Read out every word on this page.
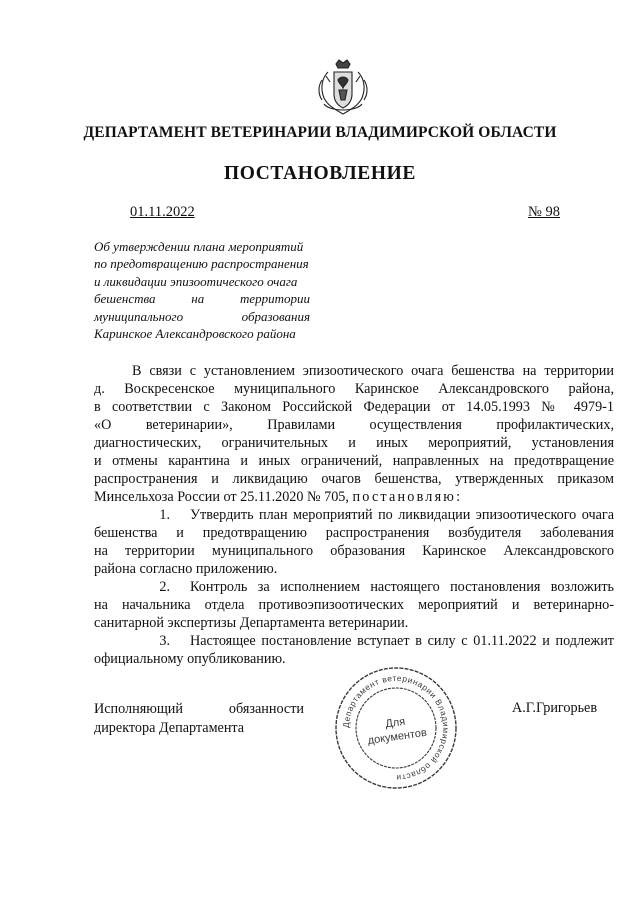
ДЕПАРТАМЕНТ ВЕТЕРИНАРИИ ВЛАДИМИРСКОЙ ОБЛАСТИ
ПОСТАНОВЛЕНИЕ
01.11.2022	№ 98
Об утверждении плана мероприятий
по предотвращению распространения
и ликвидации эпизоотического очага
бешенства на территории
муниципального образования
Каринское Александровского района
В связи с установлением эпизоотического очага бешенства на территории
д. Воскресенское муниципального Каринское Александровского района,
в соответствии с Законом Российской Федерации от 14.05.1993 № 4979-1
«О ветеринарии», Правилами осуществления профилактических,
диагностических, ограничительных и иных мероприятий, установления
и отмены карантина и иных ограничений, направленных на предотвращение
распространения и ликвидацию очагов бешенства, утвержденных приказом
Минсельхоза России от 25.11.2020 № 705, постановляю:
1.	Утвердить план мероприятий по ликвидации эпизоотического очага
бешенства и предотвращению распространения возбудителя заболевания
на территории муниципального образования Каринское Александровского
района согласно приложению.
2.	Контроль за исполнением настоящего постановления возложить
на начальника отдела противоэпизоотических мероприятий и ветеринарно-
санитарной экспертизы Департамента ветеринарии.
3.	Настоящее постановление вступает в силу с 01.11.2022 и подлежит
официальному опубликованию.
Исполняющий обязанности
директора Департамента	Департамент ветеринарии Владимирской области
Для
документов
А.Г.Григорьев
